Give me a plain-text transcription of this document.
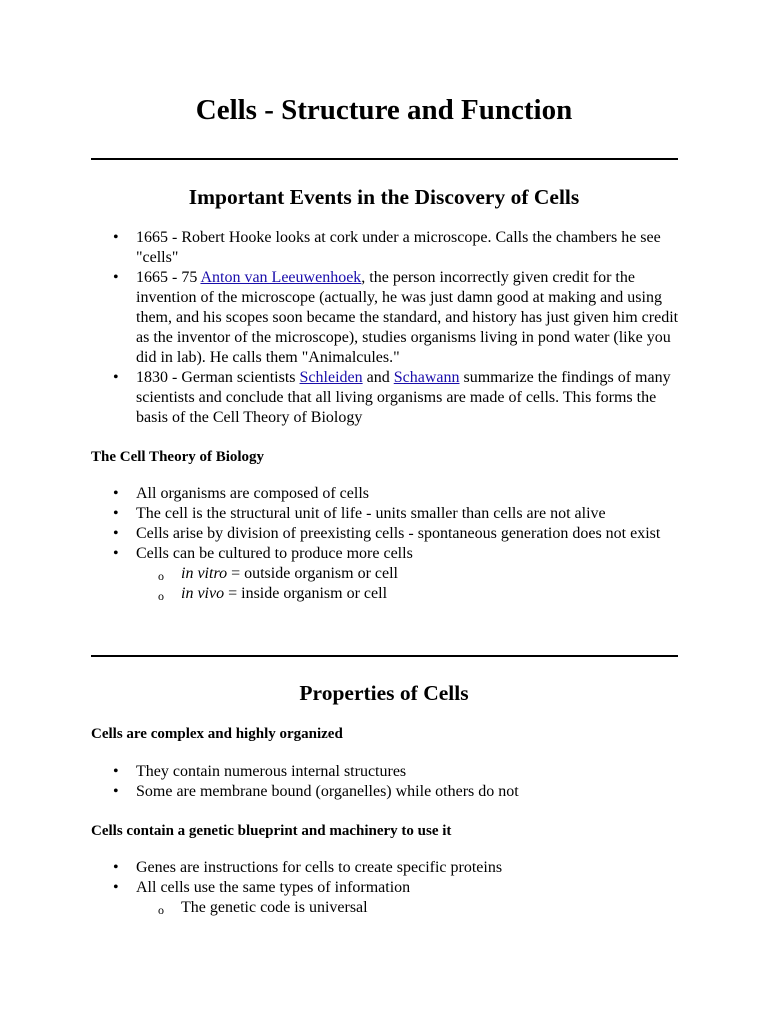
Cells - Structure and Function
Important Events in the Discovery of Cells
• 1665 - Robert Hooke looks at cork under a microscope. Calls the chambers he see "cells"
• 1665 - 75 Anton van Leeuwenhoek, the person incorrectly given credit for the invention of the microscope (actually, he was just damn good at making and using them, and his scopes soon became the standard, and history has just given him credit as the inventor of the microscope), studies organisms living in pond water (like you did in lab). He calls them "Animalcules."
• 1830 - German scientists Schleiden and Schawann summarize the findings of many scientists and conclude that all living organisms are made of cells. This forms the basis of the Cell Theory of Biology

The Cell Theory of Biology

• All organisms are composed of cells
• The cell is the structural unit of life - units smaller than cells are not alive
• Cells arise by division of preexisting cells - spontaneous generation does not exist
• Cells can be cultured to produce more cells
o in vitro = outside organism or cell
o in vivo = inside organism or cell
Properties of Cells

Cells are complex and highly organized

• They contain numerous internal structures
• Some are membrane bound (organelles) while others do not

Cells contain a genetic blueprint and machinery to use it

• Genes are instructions for cells to create specific proteins
• All cells use the same types of information
o The genetic code is universal
